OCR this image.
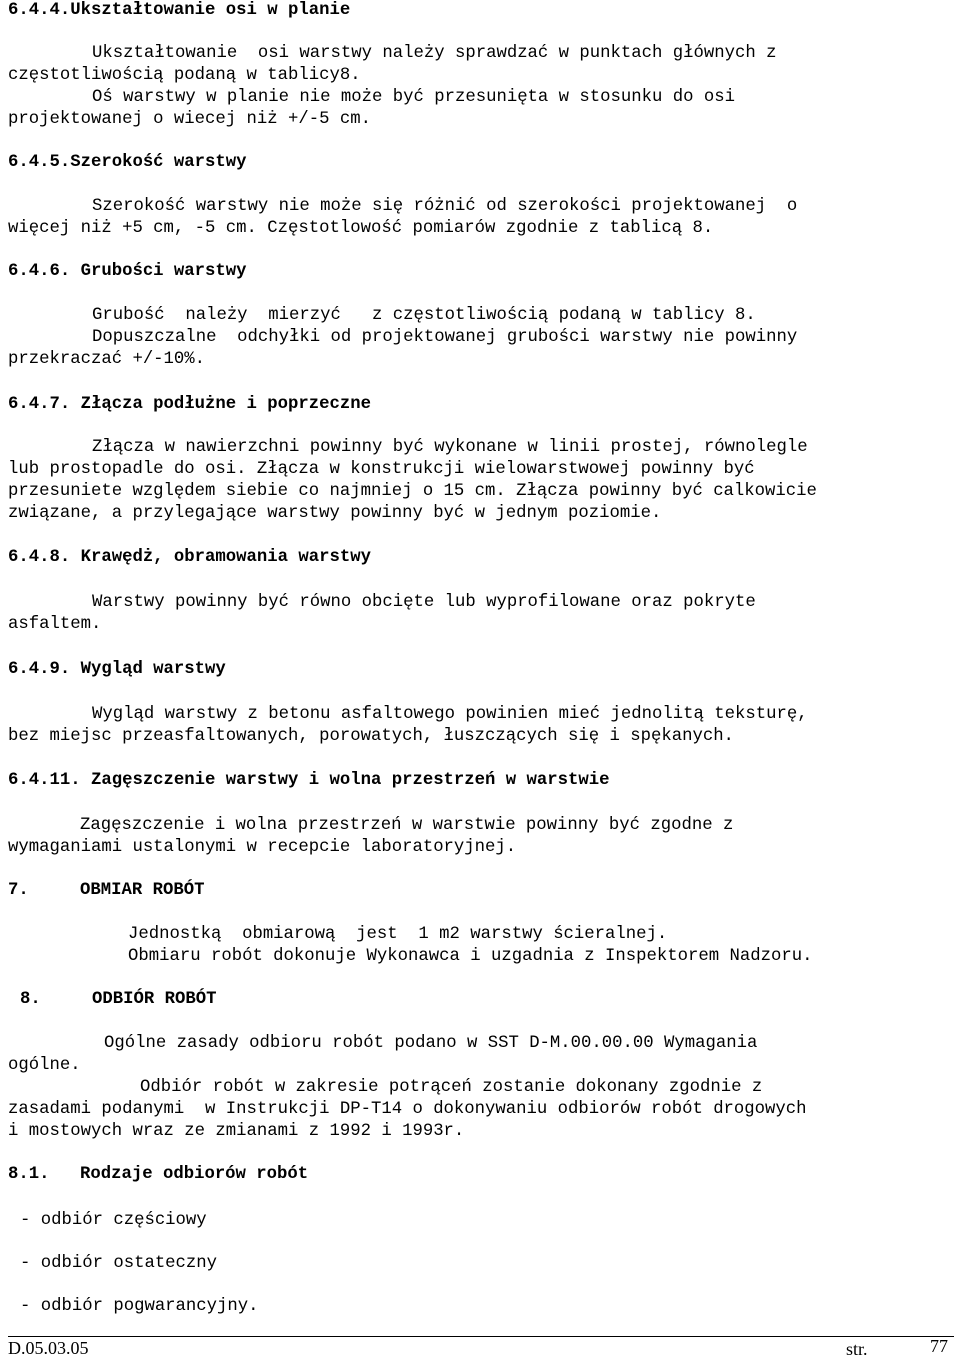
6.4.4.Ukształtowanie osi w planie
Ukształtowanie  osi warstwy należy sprawdzać w punktach głównych z
częstotliwością podaną w tablicy8.
Oś warstwy w planie nie może być przesunięta w stosunku do osi
projektowanej o wiecej niż +/-5 cm.
6.4.5.Szerokość warstwy
Szerokość warstwy nie może się różnić od szerokości projektowanej  o
więcej niż +5 cm, -5 cm. Częstotlowość pomiarów zgodnie z tablicą 8.
6.4.6. Grubości warstwy
Grubość  należy  mierzyć   z częstotliwością podaną w tablicy 8.
Dopuszczalne  odchyłki od projektowanej grubości warstwy nie powinny
przekraczać +/-10%.
6.4.7. Złącza podłużne i poprzeczne
Złącza w nawierzchni powinny być wykonane w linii prostej, równolegle
lub prostopadle do osi. Złącza w konstrukcji wielowarstwowej powinny być
przesuniete względem siebie co najmniej o 15 cm. Złącza powinny być calkowicie
związane, a przylegające warstwy powinny być w jednym poziomie.
6.4.8. Krawędż, obramowania warstwy
Warstwy powinny być równo obcięte lub wyprofilowane oraz pokryte
asfaltem.
6.4.9. Wygląd warstwy
Wygląd warstwy z betonu asfaltowego powinien mieć jednolitą teksturę,
bez miejsc przeasfaltowanych, porowatych, łuszczących się i spękanych.
6.4.11. Zagęszczenie warstwy i wolna przestrzeń w warstwie
Zagęszczenie i wolna przestrzeń w warstwie powinny być zgodne z
wymaganiami ustalonymi w recepcie laboratoryjnej.
7.	OBMIAR ROBÓT
Jednostką  obmiarową  jest  1 m2 warstwy ścieralnej.
Obmiaru robót dokonuje Wykonawca i uzgadnia z Inspektorem Nadzoru.
8.	ODBIÓR ROBÓT
Ogólne zasady odbioru robót podano w SST D-M.00.00.00 Wymagania
ogólne.
Odbiór robót w zakresie potrąceń zostanie dokonany zgodnie z
zasadami podanymi  w Instrukcji DP-T14 o dokonywaniu odbiorów robót drogowych
i mostowych wraz ze zmianami z 1992 i 1993r.
8.1. Rodzaje odbiorów robót
- odbiór częściowy
- odbiór ostateczny
- odbiór pogwarancyjny.
D.05.03.05	str.	77
